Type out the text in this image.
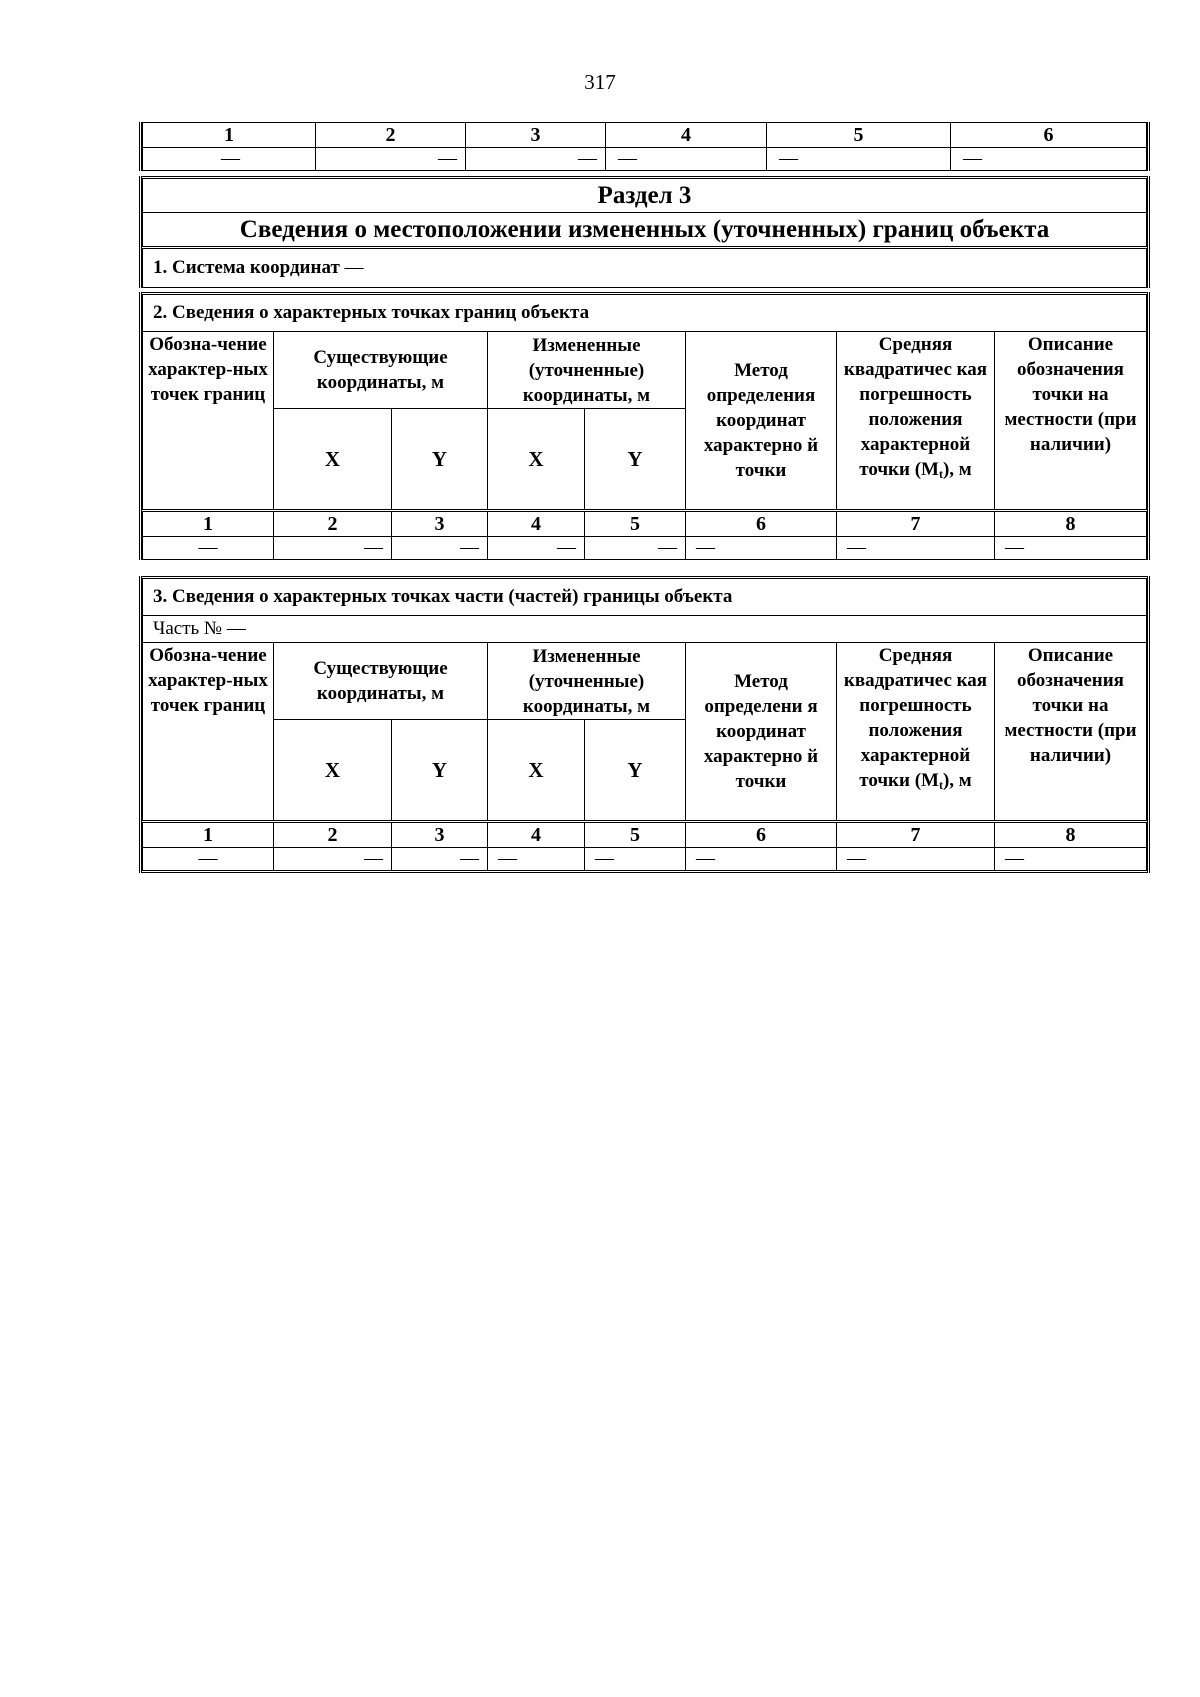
317
1	2	3	4	5	6
—	—	—	—	—	—
Раздел 3
Сведения о местоположении измененных (уточненных) границ объекта
1. Система координат —
2. Сведения о характерных точках границ объекта							
Обозна-чение характер-ных точек границ	Существующие координаты, м		Измененные (уточненные) координаты, м		Метод определения координат характерно й точки	Средняя квадратичес кая погрешность положения характерной точки $(M_t)$, м	Описание обозначения точки на местности (при наличии)
	X	Y	X	Y			
1	2	3	4	5	6	7	8
—	—	—	—	—	—	—	—
3. Сведения о характерных точках части (частей) границы объекта							
Часть № —							
Обозна-чение характер-ных точек границ	Существующие координаты, м		Измененные (уточненные) координаты, м		Метод определени я координат характерно й точки	Средняя квадратичес кая погрешность положения характерной точки $(M_t)$, м	Описание обозначения точки на местности (при наличии)
	X	Y	X	Y			
1	2	3	4	5	6	7	8
—	—	—	—	—	—	—	—
